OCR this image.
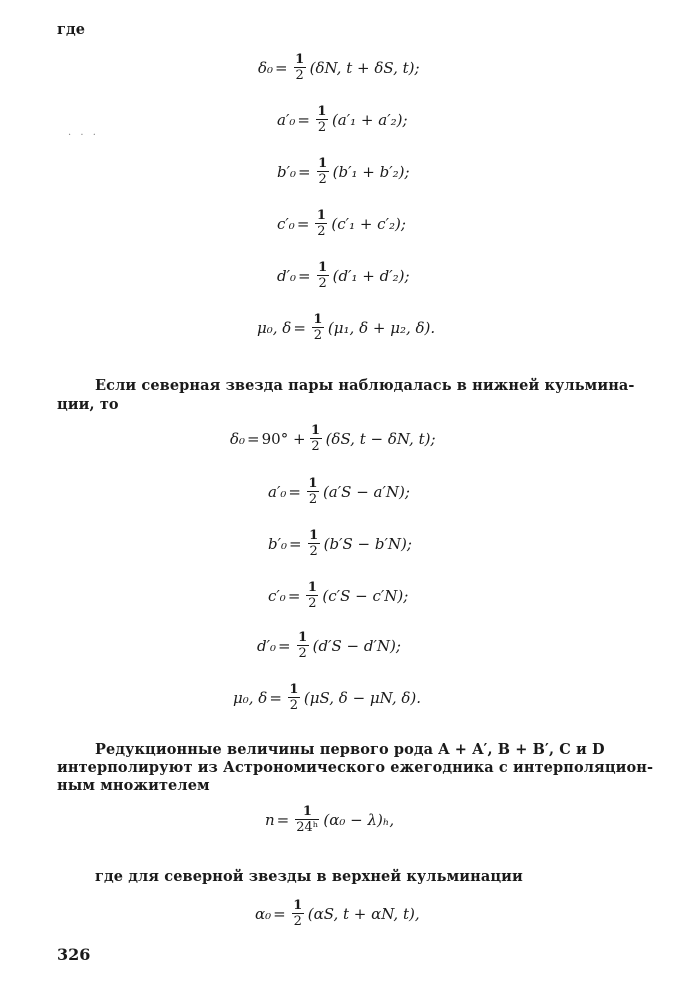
где
$\delta_0 = \frac{1}{2} (\delta N$, t + δS, t);
$a'_0 = \frac{1}{2} (a'_1 + a'_2)$;
· · ·
$b'_0 = \frac{1}{2} (b'_1 + b'_2)$;
$c'_0 = \frac{1}{2} (c'_1 + c'_2)$;
$d'_0 = \frac{1}{2} (d'_1 + d'_2)$;
μ₀, $\delta = \frac{1}{2} (\mu_1$, δ + μ₂, δ).
Если северная звезда пары наблюдалась в нижней кульмина-
ции, то
$\delta_0 = 90^\circ + \frac{1}{2} (\delta S$, t − δN, t);
$a'_0 = \frac{1}{2} (a'S - a'N)$;
$b'_0 = \frac{1}{2} (b'S - b'N)$;
$c'_0 = \frac{1}{2} (c'S - c'N)$;
$d'_0 = \frac{1}{2} (d'S - d'N)$;
μ₀, $\delta = \frac{1}{2} (\mu S$, δ − μN, δ).
Редукционные величины первого рода A + A′, B + B′, C и D
интерполируют из Астрономического ежегодника с интерполяцион-
ным множителем
$n = \frac{1}{\text{24ʰ}} (\alpha_0 - \lambda)_h$,
где для северной звезды в верхней кульминации
$\alpha_0 = \frac{1}{2} (\alpha S$, t + αN, t),
326
